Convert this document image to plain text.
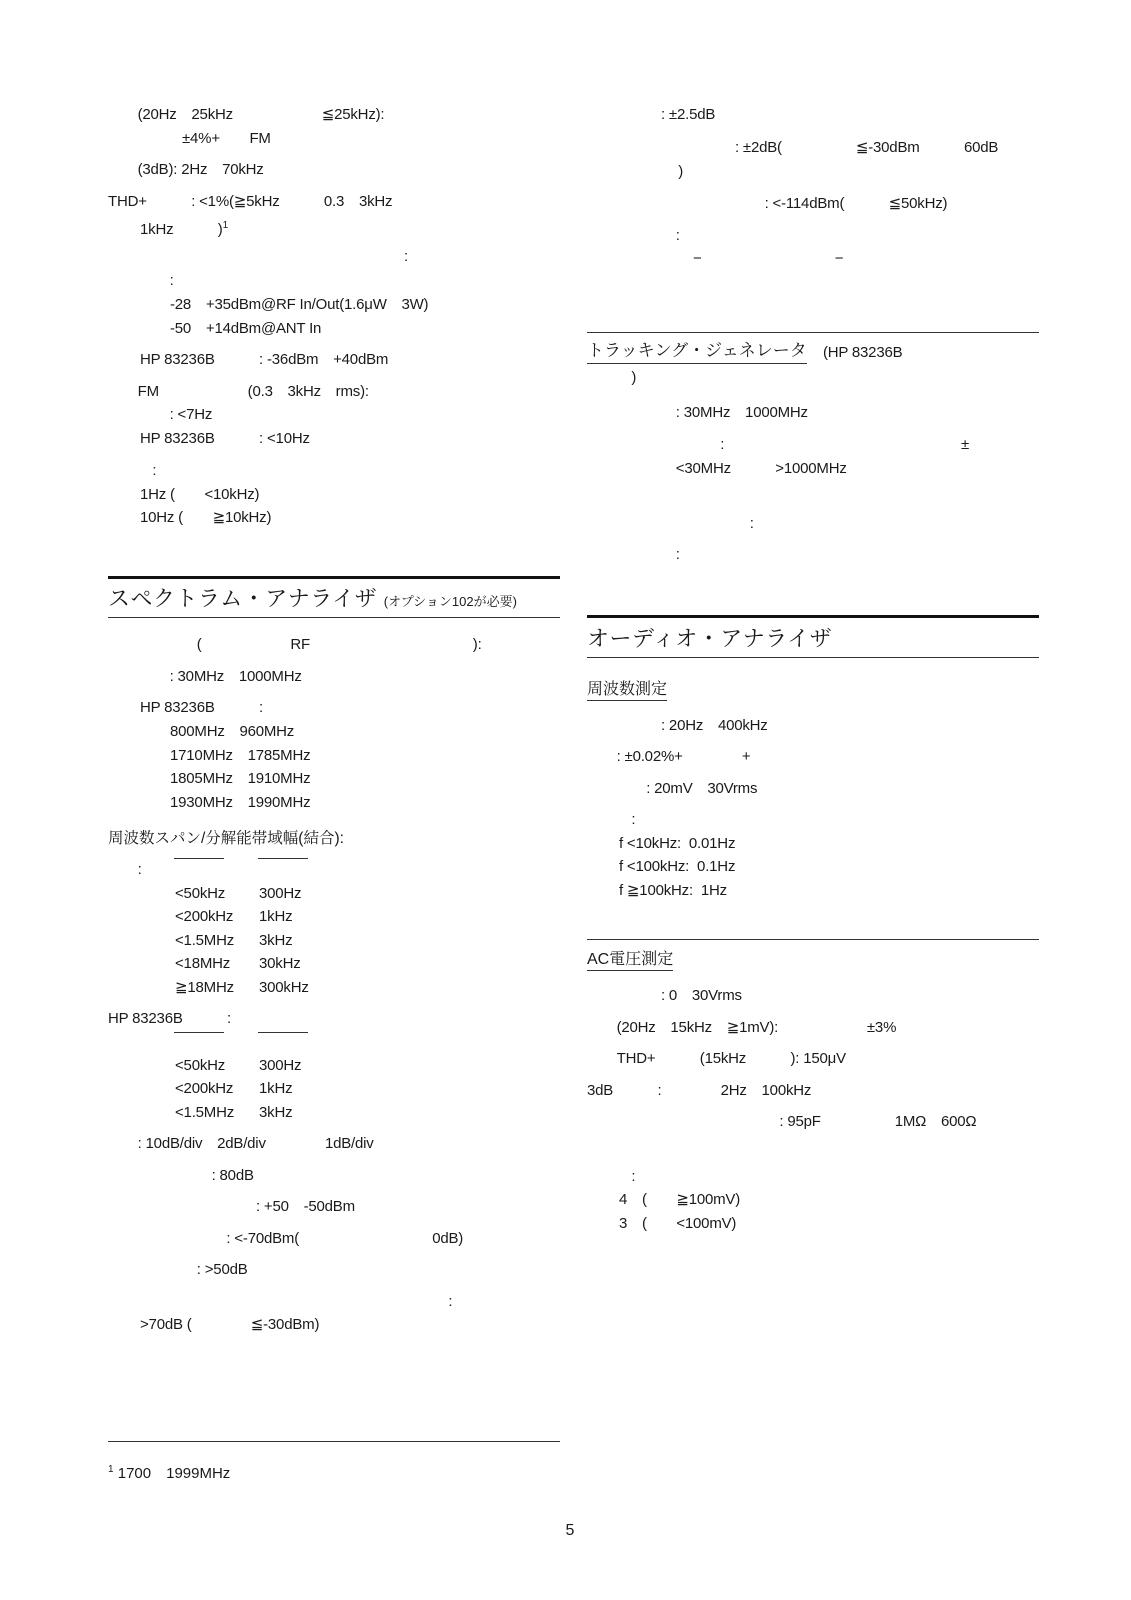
　　(20Hz　25kHz　　　　　　≦25kHz):
　　　　　±4%+　　FM
　　(3dB): 2Hz　70kHz
THD+　　　: <1%(≧5kHz　　　0.3　3kHz
1kHz　　　)$^1$
　　　　　　　　　　　　　　　　　　　　:
　　:
-28　+35dBm@RF In/Out(1.6μW　3W)
-50　+14dBm@ANT In
HP 83236B　　　: -36dBm　+40dBm
　　FM　　　　　　(0.3　3kHz　rms):
　　: <7Hz
HP 83236B　　　: <10Hz
　　　:
1Hz (　　<10kHz)
10Hz (　　≧10kHz)
スペクトラム・アナライザ (オプション102が必要)
　　　　　　(　　　　　　RF　　　　　　　　　　　):
　　: 30MHz　1000MHz
HP 83236B　　　:
800MHz　960MHz
1710MHz　1785MHz
1805MHz　1910MHz
1930MHz　1990MHz
周波数スパン/分解能帯域幅(結合):
　　:
<50kHz 300Hz
<200kHz 1kHz
<1.5MHz 3kHz
<18MHz 30kHz
≧18MHz 300kHz
HP 83236B　　　:
<50kHz 300Hz
<200kHz 1kHz
<1.5MHz 3kHz
　　: 10dB/div　2dB/div　　　　1dB/div
　　　　　　　: 80dB
　　　　　　　　　　: +50　-50dBm
　　　　　　　　: <-70dBm(　　　　　　　　　0dB)
　　　　　　: >50dB
　　　　　　　　　　　　　　　　　　　　　　　:
>70dB (　　　　≦-30dBm)
　　　　　: ±2.5dB
　　　　　　　　　　: ±2dB(　　　　　≦-30dBm　　　60dB
　　　　)
　　　　　　　　　　　　: <-114dBm(　　　≦50kHz)
　　　　　　:
　　　　　−　　　　　　　　　−
トラッキング・ジェネレータ (HP 83236B
　　　)
　　　　　　: 30MHz　1000MHz
　　　　　　　　　:　　　　　　　　　　　　　　　　±
　　　　　　<30MHz　　　>1000MHz
　　　　　　　　　　　:
　　　　　　:
オーディオ・アナライザ
周波数測定
　　　　　: 20Hz　400kHz
　　: ±0.02%+　　　　+
　　　　: 20mV　30Vrms
　　　:
f <10kHz:  0.01Hz
f <100kHz:  0.1Hz
f ≧100kHz:  1Hz
AC電圧測定
　　　　　: 0　30Vrms
　　(20Hz　15kHz　≧1mV):　　　　　　±3%
　　THD+　　　(15kHz　　　): 150μV
3dB　　　:　　　　2Hz　100kHz
　　　　　　　　　　　　　: 95pF　　　　　1MΩ　600Ω
　　　:
4　(　　≧100mV)
3　(　　<100mV)
$^1$ 1700　1999MHz
5
